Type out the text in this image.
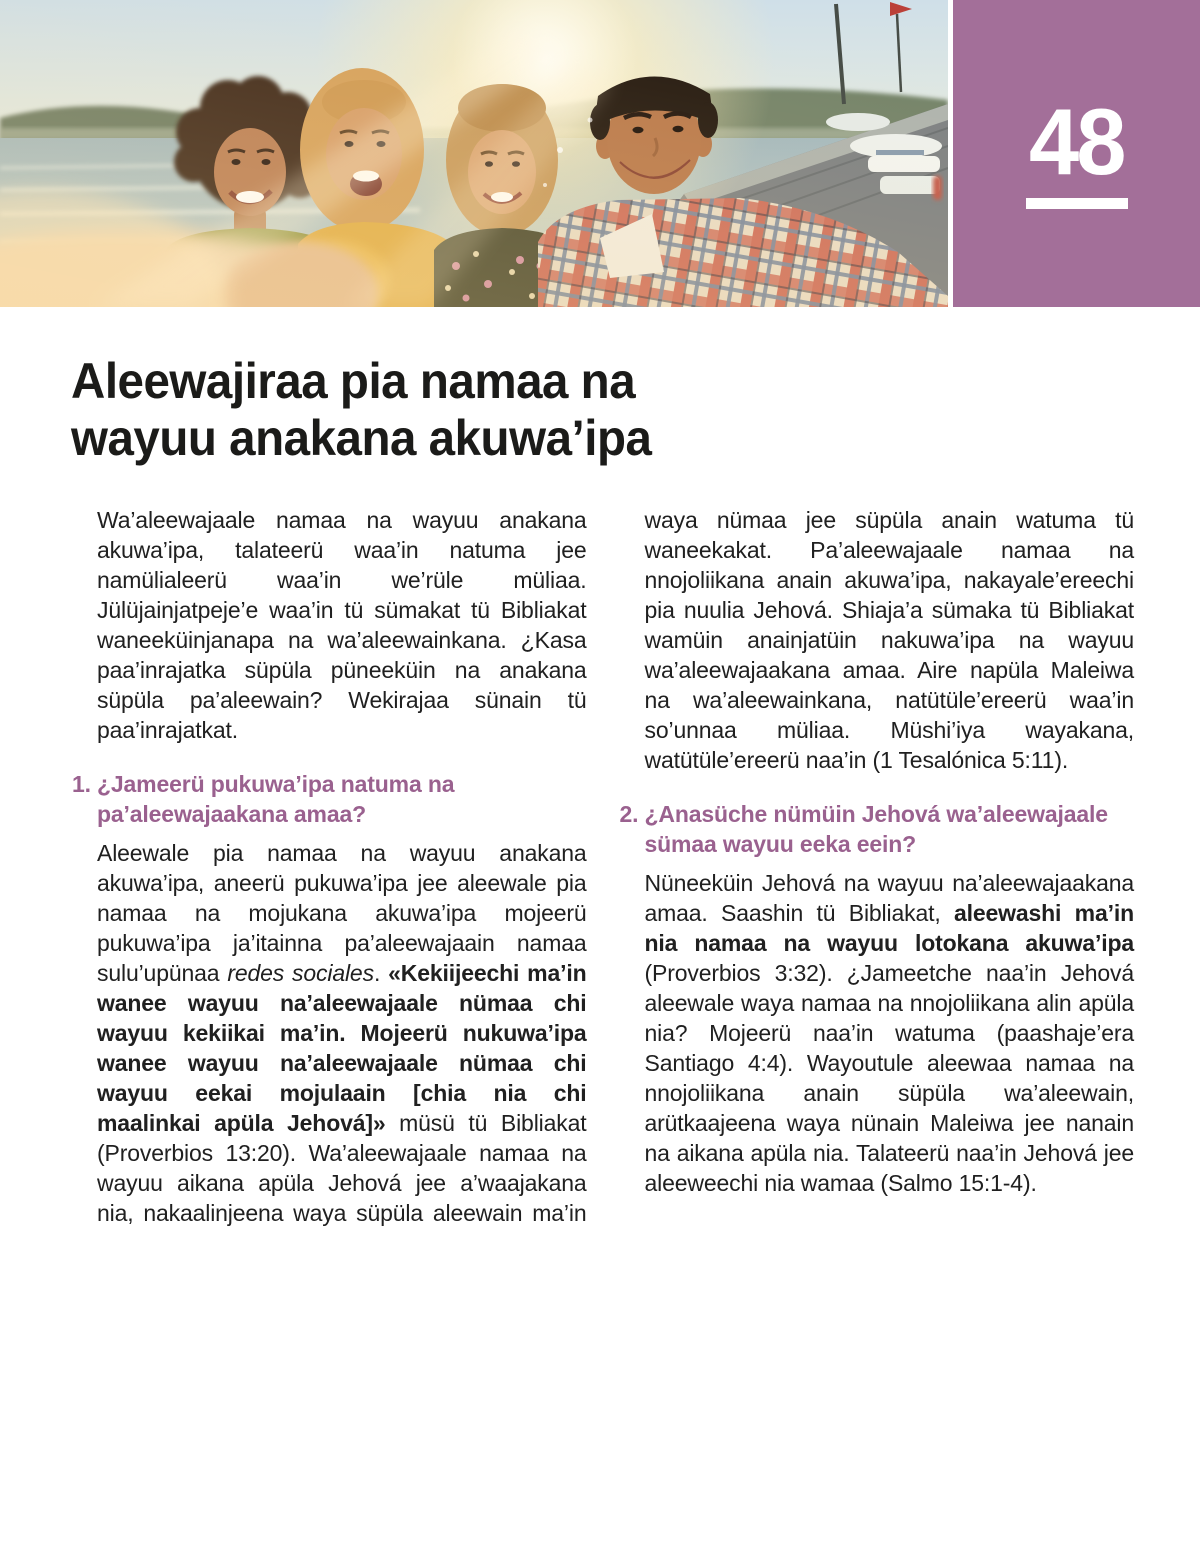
48
Aleewajiraa pia namaa na
wayuu anakana akuwa’ipa

Wa’aleewajaale namaa na wayuu anakana akuwa’ipa, talateerü waa’in natuma jee namülialeerü waa’in we’rüle müliaa. Jülüjainjatpeje’e waa’in tü sümakat tü Bibliakat waneeküinjanapa na wa’aleewainkana. ¿Kasa paa’inrajatka süpüla püneeküin na anakana süpüla pa’aleewain? Wekirajaa sünain tü paa’inrajatkat.

1. ¿Jameerü pukuwa’ipa natuma na pa’aleewajaakana amaa?

Aleewale pia namaa na wayuu anakana akuwa’ipa, aneerü pukuwa’ipa jee aleewale pia namaa na mojukana akuwa’ipa mojeerü pukuwa’ipa ja’itainna pa’aleewajaain namaa sulu’upünaa redes sociales. «Kekiijeechi ma’in wanee wayuu na’aleewajaale nümaa chi wayuu kekiikai ma’in. Mojeerü nukuwa’ipa wanee wayuu na’aleewajaale nümaa chi wayuu eekai mojulaain [chia nia chi maalinkai apüla Jehová]» müsü tü Bibliakat (Proverbios 13:20). Wa’aleewajaale namaa na wayuu aikana apüla Jehová jee a’waajakana nia, nakaalinjeena waya süpüla aleewain ma’in waya nümaa jee süpüla anain watuma tü waneekakat. Pa’aleewajaale namaa na nnojoliikana anain akuwa’ipa, nakayale’ereechi pia nuulia Jehová. Shiaja’a sümaka tü Bibliakat wamüin anainjatüin nakuwa’ipa na wayuu wa’aleewajaakana amaa. Aire napüla Maleiwa na wa’aleewainkana, natütüle’ereerü waa’in so’unnaa müliaa. Müshi’iya wayakana, watütüle’ereerü naa’in (1 Tesalónica 5:11).

2. ¿Anasüche nümüin Jehová wa’aleewajaale sümaa wayuu eeka eein?

Nüneeküin Jehová na wayuu na’aleewajaakana amaa. Saashin tü Bibliakat, aleewashi ma’in nia namaa na wayuu lotokana akuwa’ipa (Proverbios 3:32). ¿Jameetche naa’in Jehová aleewale waya namaa na nnojoliikana alin apüla nia? Mojeerü naa’in watuma (paashaje’era Santiago 4:4). Wayoutule aleewaa namaa na nnojoliikana anain süpüla wa’aleewain, arütkaajeena waya nünain Maleiwa jee nanain na aikana apüla nia. Talateerü naa’in Jehová jee aleeweechi nia wamaa (Salmo 15:1-4).
